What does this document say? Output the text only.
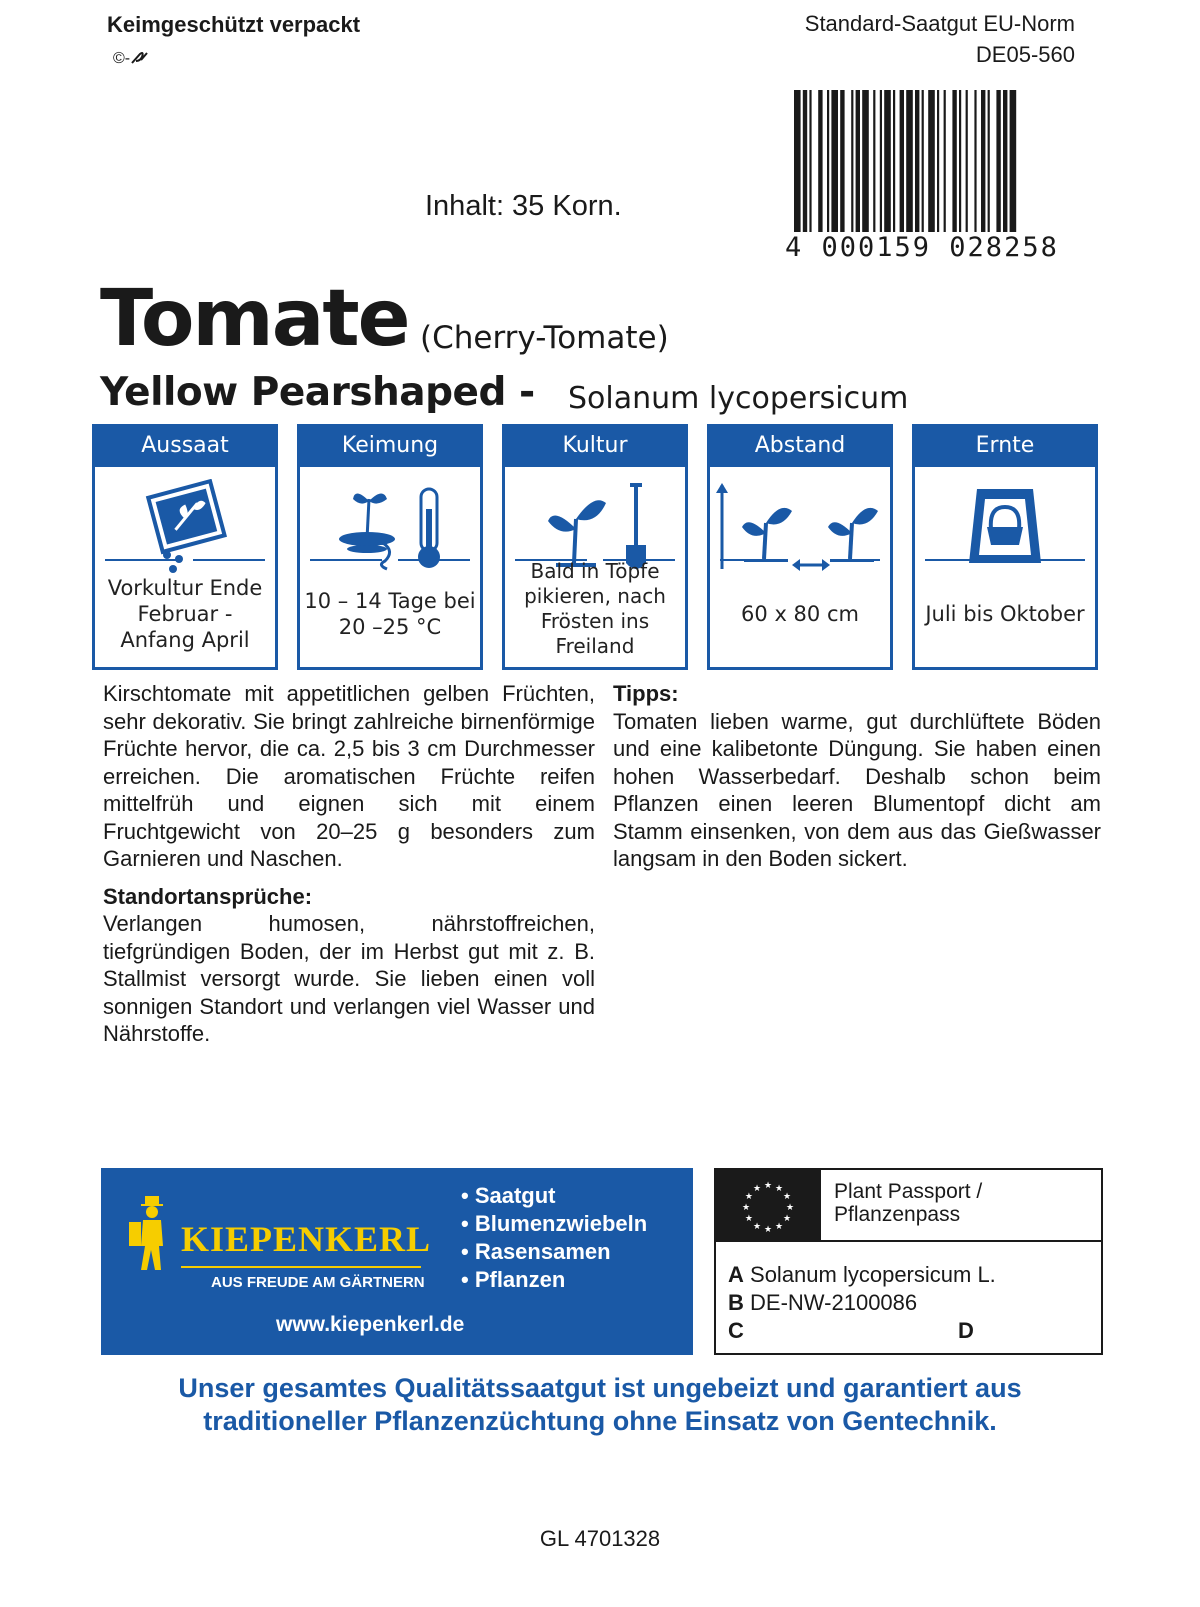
Keimgeschützt verpackt
©-
Standard-Saatgut EU-Norm
DE05-560
Inhalt: 35 Korn.
4 000159 028258
Tomate (Cherry-Tomate)
Yellow Pearshaped - Solanum lycopersicum
Aussaat
Vorkultur Ende Februar - Anfang April
Keimung
10 – 14 Tage bei 20 –25 °C
Kultur
Bald in Töpfe pikieren, nach Frösten ins Freiland
Abstand
60 x 80 cm
Ernte
Juli bis Oktober
Kirschtomate mit appetitlichen gelben Früchten, sehr dekorativ. Sie bringt zahlreiche birnenförmige Früchte hervor, die ca. 2,5 bis 3 cm Durchmesser erreichen. Die aromatischen Früchte reifen mittelfrüh und eignen sich mit einem Fruchtgewicht von 20–25 g besonders zum Garnieren und Naschen.
Standortansprüche:
Verlangen humosen, nährstoffreichen, tiefgründigen Boden, der im Herbst gut mit z. B. Stallmist versorgt wurde. Sie lieben einen voll sonnigen Standort und verlangen viel Wasser und Nährstoffe.
Tipps:
Tomaten lieben warme, gut durchlüftete Böden und eine kalibetonte Düngung. Sie haben einen hohen Wasserbedarf. Deshalb schon beim Pflanzen einen leeren Blumentopf dicht am Stamm einsenken, von dem aus das Gießwasser langsam in den Boden sickert.
KIEPENKERL
AUS FREUDE AM GÄRTNERN
• Saatgut
• Blumenzwiebeln
• Rasensamen
• Pflanzen
www.kiepenkerl.de
★
★
★
★
★
★
★
★
★ ★ ★
★ Plant Passport /
Pflanzenpass
A Solanum lycopersicum L.
B DE-NW-2100086
C	D
Unser gesamtes Qualitätssaatgut ist ungebeizt und garantiert aus
traditioneller Pflanzenzüchtung ohne Einsatz von Gentechnik.
GL 4701328
